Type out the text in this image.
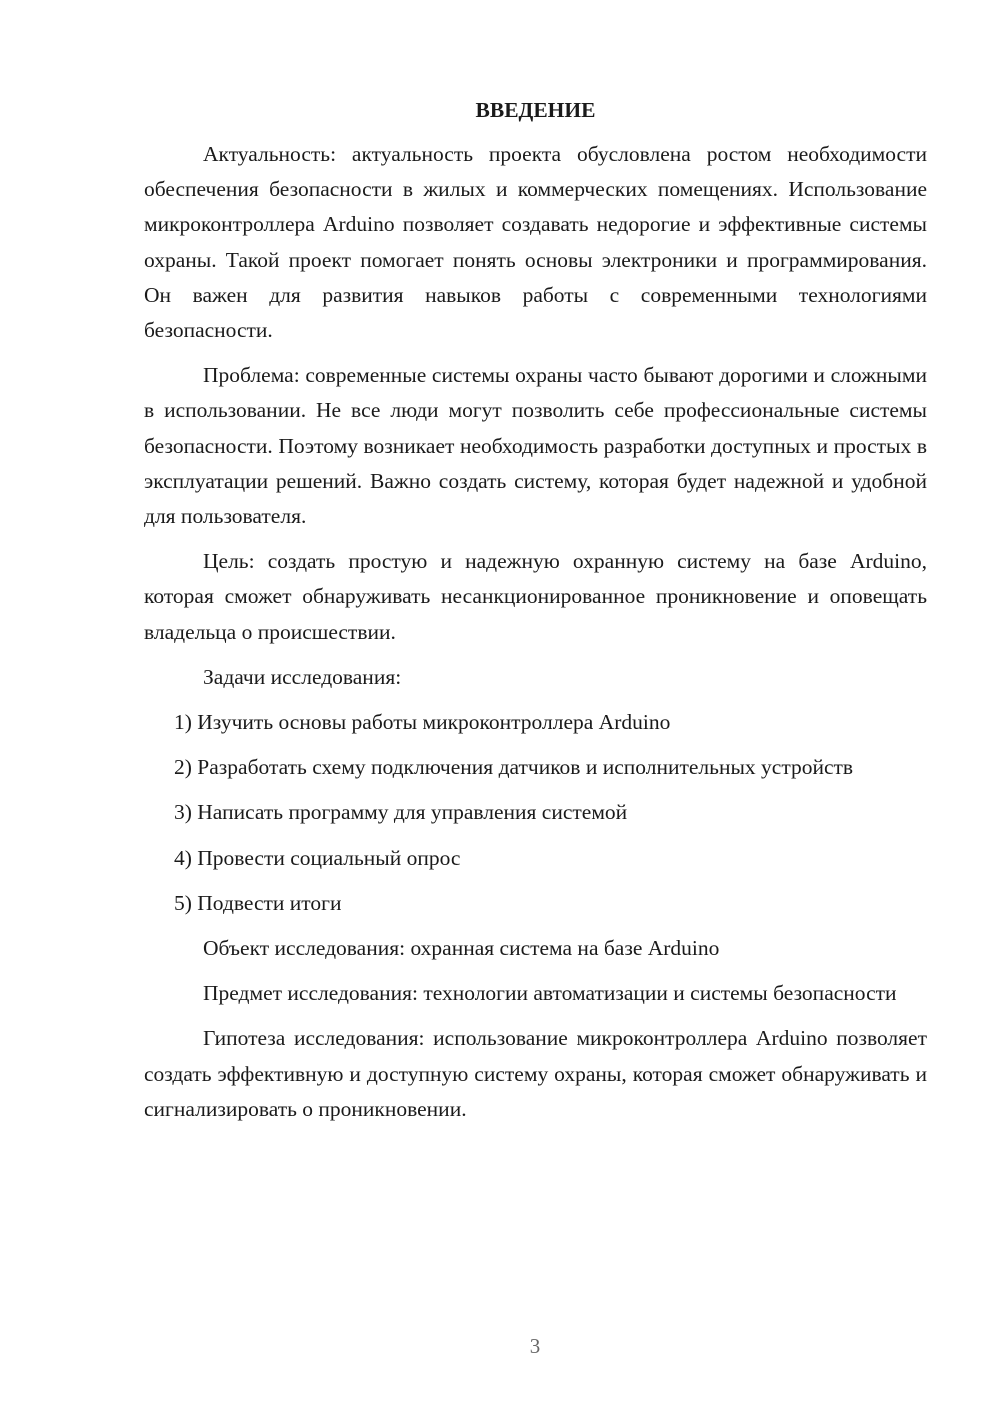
ВВЕДЕНИЕ

Актуальность: актуальность проекта обусловлена ростом необходимости обеспечения безопасности в жилых и коммерческих помещениях. Использование микроконтроллера Arduino позволяет создавать недорогие и эффективные системы охраны. Такой проект помогает понять основы электроники и программирования. Он важен для развития навыков работы с современными технологиями безопасности.

Проблема: современные системы охраны часто бывают дорогими и сложными в использовании. Не все люди могут позволить себе профессиональные системы безопасности. Поэтому возникает необходимость разработки доступных и простых в эксплуатации решений. Важно создать систему, которая будет надежной и удобной для пользователя.

Цель: создать простую и надежную охранную систему на базе Arduino, которая сможет обнаруживать несанкционированное проникновение и оповещать владельца о происшествии.

Задачи исследования:

1) Изучить основы работы микроконтроллера Arduino

2) Разработать схему подключения датчиков и исполнительных устройств

3) Написать программу для управления системой

4) Провести социальный опрос

5) Подвести итоги

Объект исследования: охранная система на базе Arduino

Предмет исследования: технологии автоматизации и системы безопасности

Гипотеза исследования: использование микроконтроллера Arduino позволяет создать эффективную и доступную систему охраны, которая сможет обнаруживать и сигнализировать о проникновении.

3
